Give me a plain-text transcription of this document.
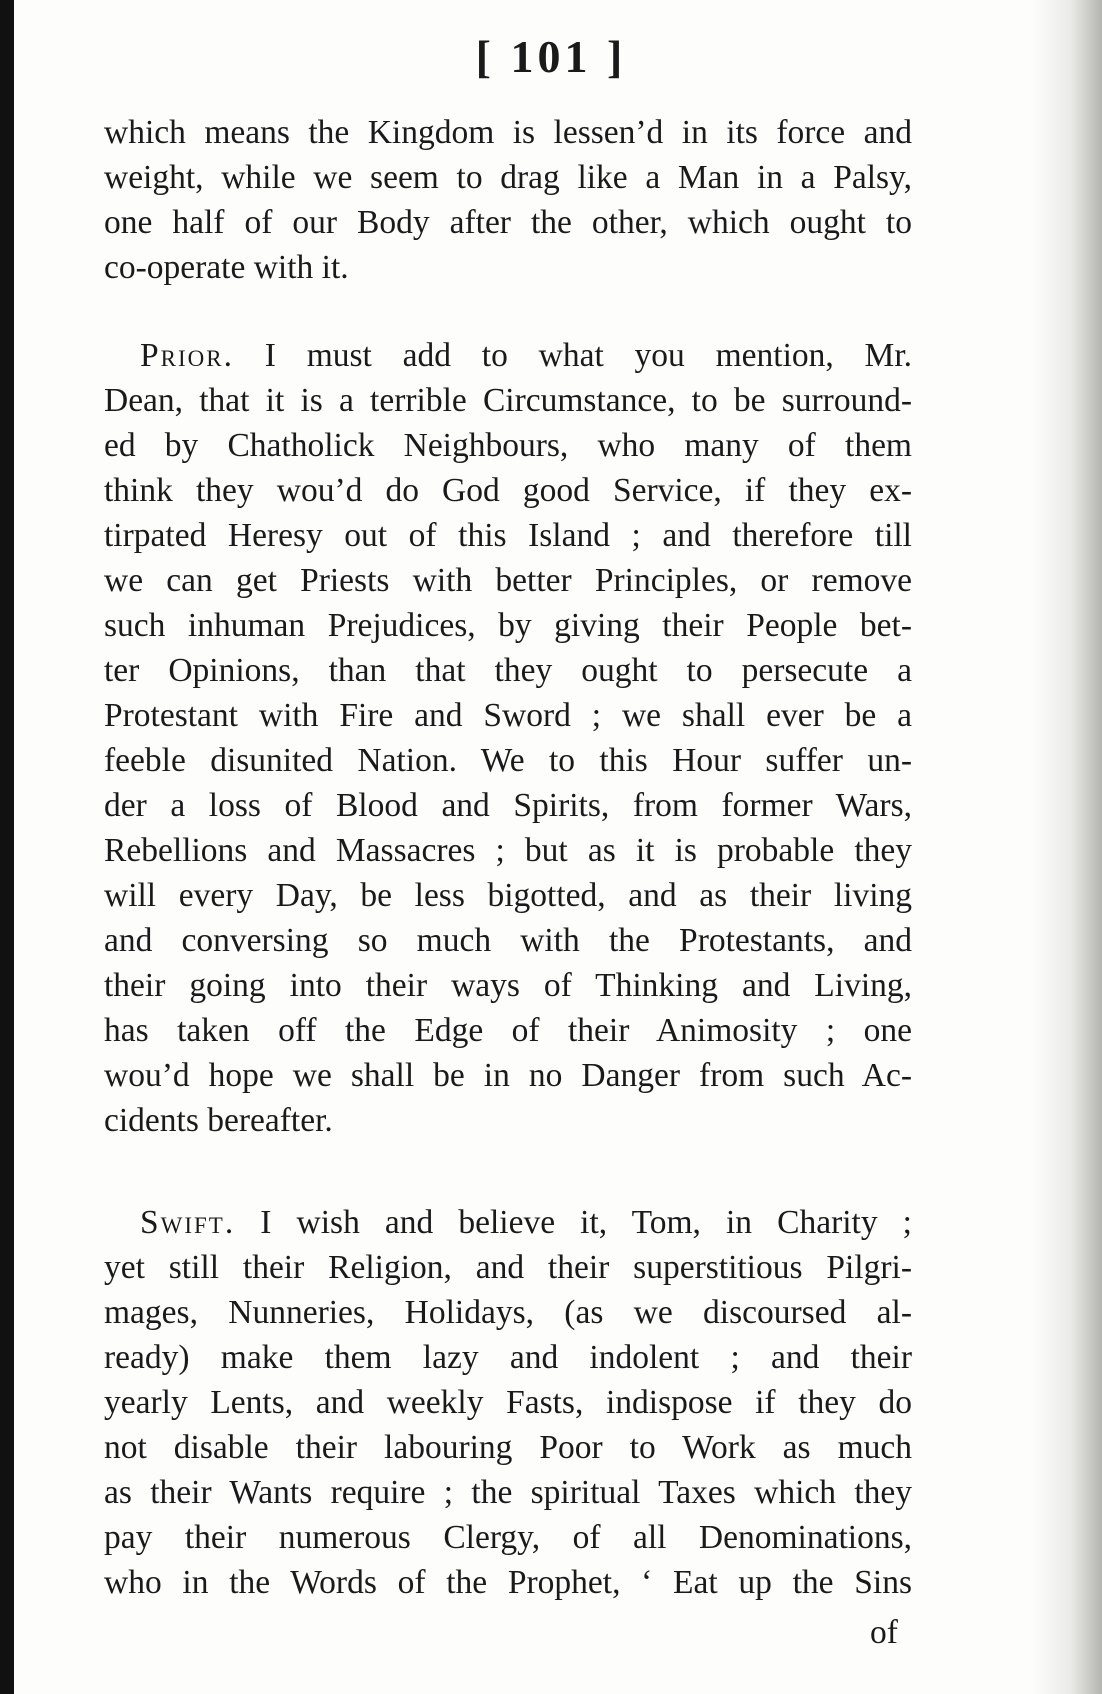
[ 101 ]
which means the Kingdom is lessen’d in its force and
weight, while we seem to drag like a Man in a Palsy,
one half of our Body after the other, which ought to
co-operate with it.
Prior. I must add to what you mention, Mr.
Dean, that it is a terrible Circumstance, to be surround-
ed by Chatholick Neighbours, who many of them
think they wou’d do God good Service, if they ex-
tirpated Heresy out of this Island ; and therefore till
we can get Priests with better Principles, or remove
such inhuman Prejudices, by giving their People bet-
ter Opinions, than that they ought to persecute a
Protestant with Fire and Sword ; we shall ever be a
feeble disunited Nation. We to this Hour suffer un-
der a loss of Blood and Spirits, from former Wars,
Rebellions and Massacres ; but as it is probable they
will every Day, be less bigotted, and as their living
and conversing so much with the Protestants, and
their going into their ways of Thinking and Living,
has taken off the Edge of their Animosity ; one
wou’d hope we shall be in no Danger from such Ac-
cidents bereafter.
Swift. I wish and believe it, Tom, in Charity ;
yet still their Religion, and their superstitious Pilgri-
mages, Nunneries, Holidays, (as we discoursed al-
ready) make them lazy and indolent ; and their
yearly Lents, and weekly Fasts, indispose if they do
not disable their labouring Poor to Work as much
as their Wants require ; the spiritual Taxes which they
pay their numerous Clergy, of all Denominations,
who in the Words of the Prophet, ‘ Eat up the Sins
of
